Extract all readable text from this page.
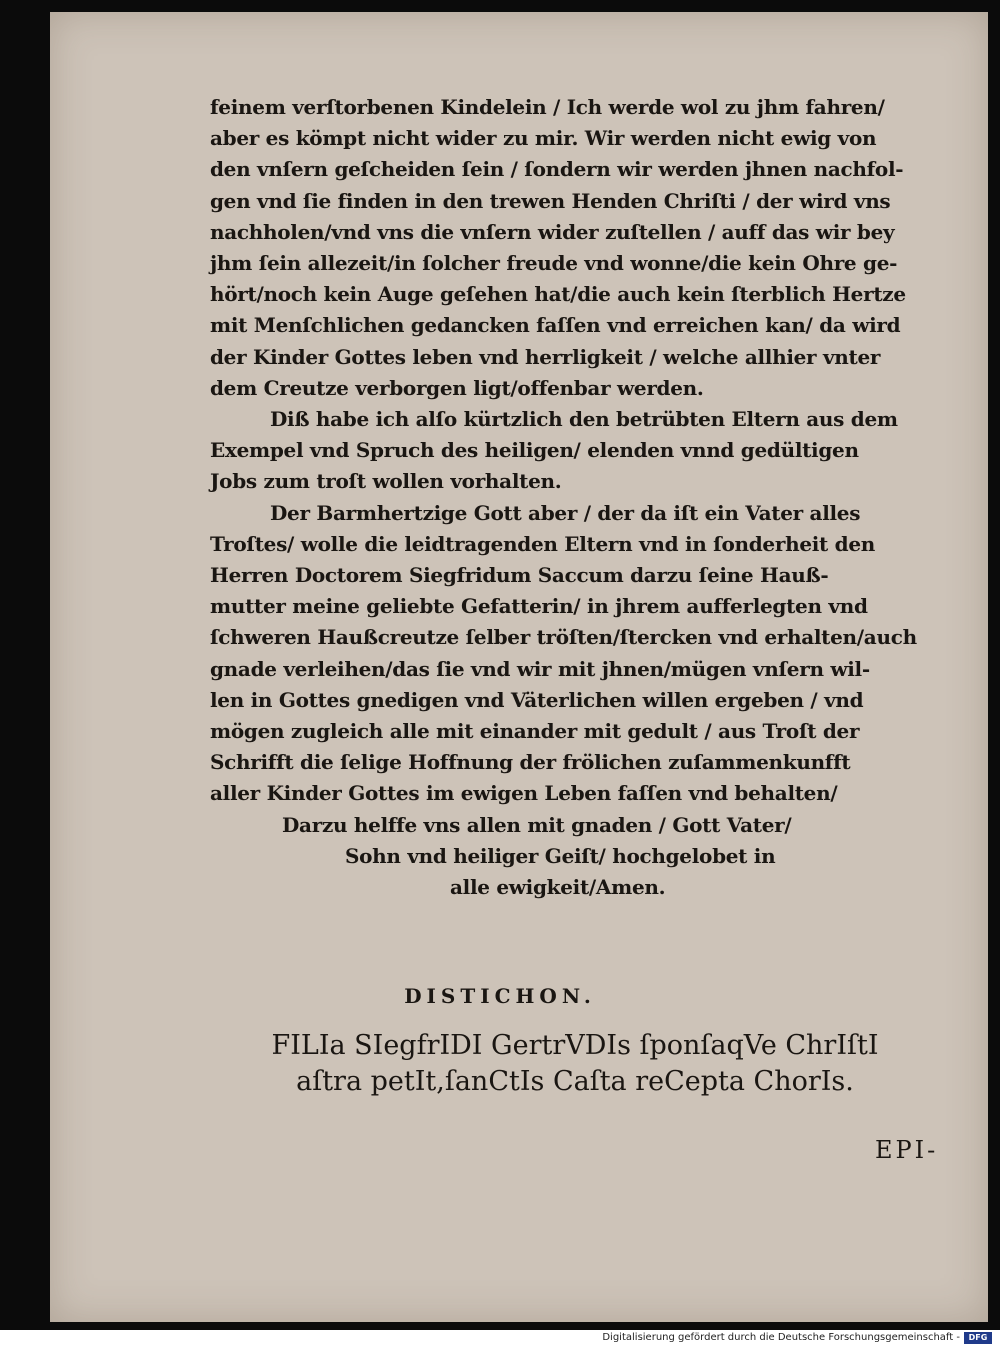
feinem verſtorbenen Kindelein / Ich werde wol zu jhm fahren/
aber es kömpt nicht wider zu mir. Wir werden nicht ewig von
den vnſern geſcheiden ſein / ſondern wir werden jhnen nachfol-
gen vnd ſie finden in den trewen Henden Chriſti / der wird vns
nachholen/vnd vns die vnſern wider zuſtellen / auff das wir bey
jhm ſein allezeit/in ſolcher freude vnd wonne/die kein Ohre ge-
hört/noch kein Auge geſehen hat/die auch kein ſterblich Hertze
mit Menſchlichen gedancken faſſen vnd erreichen kan/ da wird
der Kinder Gottes leben vnd herrligkeit / welche allhier vnter
dem Creutze verborgen ligt/offenbar werden.
Diß habe ich alſo kürtzlich den betrübten Eltern aus dem
Exempel vnd Spruch des heiligen/ elenden vnnd gedültigen
Jobs zum troſt wollen vorhalten.
Der Barmhertzige Gott aber / der da iſt ein Vater alles
Troſtes/ wolle die leidtragenden Eltern vnd in ſonderheit den
Herren Doctorem Siegfridum Saccum darzu ſeine Hauß-
mutter meine geliebte Gefatterin/ in jhrem aufferlegten vnd
ſchweren Haußcreutze ſelber tröſten/ſtercken vnd erhalten/auch
gnade verleihen/das ſie vnd wir mit jhnen/mügen vnſern wil-
len in Gottes gnedigen vnd Väterlichen willen ergeben / vnd
mögen zugleich alle mit einander mit gedult / aus Troſt der
Schrifft die ſelige Hoffnung der frölichen zuſammenkunfft
aller Kinder Gottes im ewigen Leben faſſen vnd behalten/
Darzu helffe vns allen mit gnaden / Gott Vater/
Sohn vnd heiliger Geiſt/ hochgelobet in
alle ewigkeit/Amen.
DISTICHON.
FILIa SIegfrIDI GertrVDIs ſponſaqVe ChrIſtI
aſtra petIt,ſanCtIs Caſta reCepta ChorIs.
EPI-
Digitalisierung gefördert durch die Deutsche Forschungsgemeinschaft -	DFG
